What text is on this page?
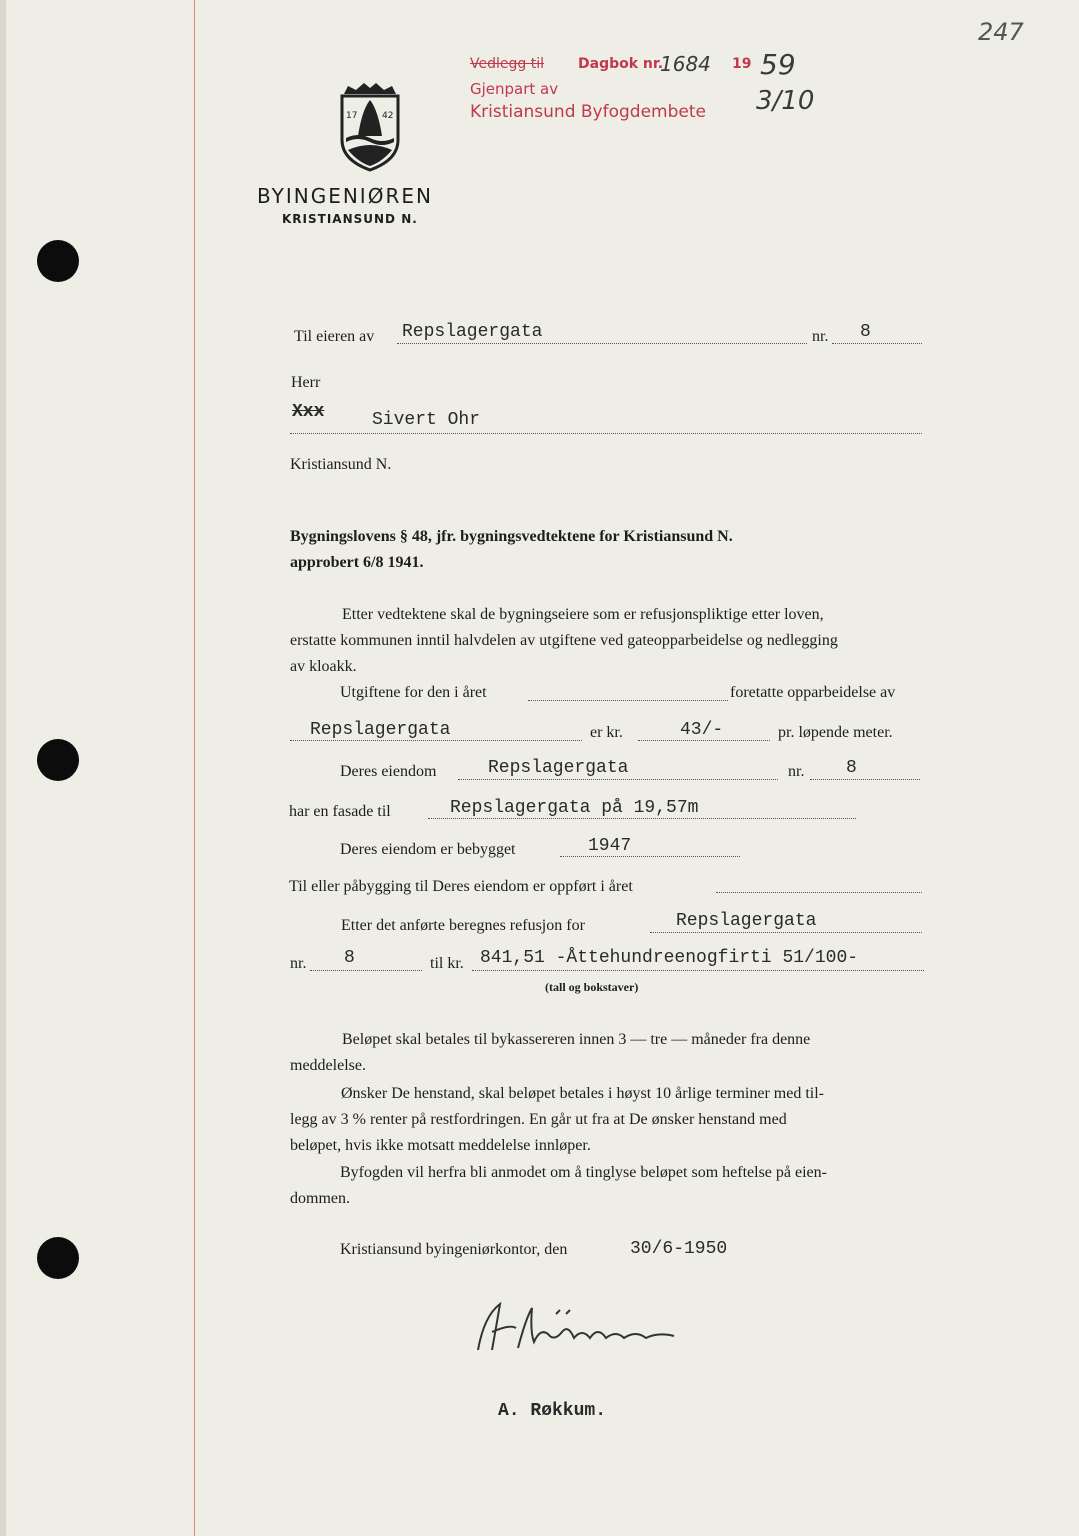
Vedlegg til Dagbok nr.
1684 19 59
Gjenpart av
Kristiansund Byfogdembete 3/10
247
17	42
BYINGENIØREN
KRISTIANSUND N.
Til eieren av Repslagergata	nr. 8
Herr
Xxx	Sivert Ohr
Kristiansund N.
Bygningslovens § 48, jfr. bygningsvedtektene for Kristiansund N.
approbert 6/8 1941.
Etter vedtektene skal de bygningseiere som er refusjonspliktige etter loven,
erstatte kommunen inntil halvdelen av utgiftene ved gateopparbeidelse og nedlegging
av kloakk.
Utgiftene for den i året	foretatte opparbeidelse av
Repslagergata	er kr.	43/-	pr. løpende meter.
Deres eiendom	Repslagergata	nr. 8
har en fasade til	Repslagergata på 19,57m
Deres eiendom er bebygget	1947
Til eller påbygging til Deres eiendom er oppført i året
Etter det anførte beregnes refusjon for	Repslagergata
nr. 8	til kr. 841,51 -Åttehundreenogfirti 51/100-
(tall og bokstaver)
Beløpet skal betales til bykassereren innen 3 — tre — måneder fra denne
meddelelse.
Ønsker De henstand, skal beløpet betales i høyst 10 årlige terminer med til-
legg av 3 % renter på restfordringen. En går ut fra at De ønsker henstand med
beløpet, hvis ikke motsatt meddelelse innløper.
Byfogden vil herfra bli anmodet om å tinglyse beløpet som heftelse på eien-
dommen.
Kristiansund byingeniørkontor, den	30/6-1950
A. Røkkum.
